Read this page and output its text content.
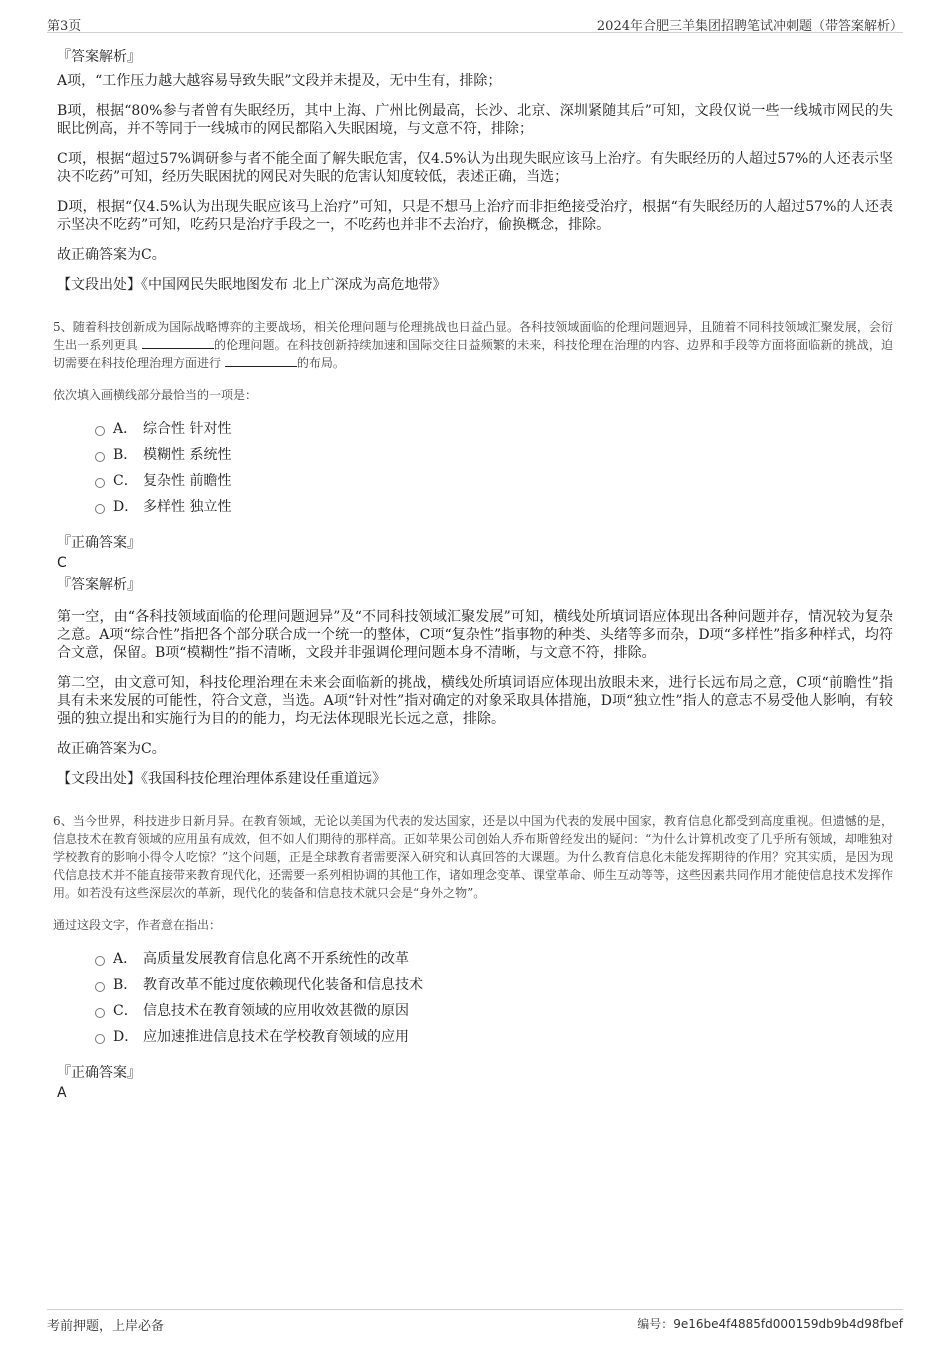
第3页	2024年合肥三羊集团招聘笔试冲刺题（带答案解析）
『答案解析』
A项，“工作压力越大越容易导致失眠”文段并未提及，无中生有，排除；
B项，根据“80%参与者曾有失眠经历，其中上海、广州比例最高，长沙、北京、深圳紧随其后”可知，文段仅说一些一线城市网民的失眠比例高，并不等同于一线城市的网民都陷入失眠困境，与文意不符，排除；
C项，根据“超过57%调研参与者不能全面了解失眠危害，仅4.5%认为出现失眠应该马上治疗。有失眠经历的人超过57%的人还表示坚决不吃药”可知，经历失眠困扰的网民对失眠的危害认知度较低，表述正确，当选；
D项，根据“仅4.5%认为出现失眠应该马上治疗”可知，只是不想马上治疗而非拒绝接受治疗，根据“有失眠经历的人超过57%的人还表示坚决不吃药”可知，吃药只是治疗手段之一，不吃药也并非不去治疗，偷换概念，排除。
故正确答案为C。
【文段出处】《中国网民失眠地图发布 北上广深成为高危地带》
5、随着科技创新成为国际战略博弈的主要战场，相关伦理问题与伦理挑战也日益凸显。各科技领域面临的伦理问题迥异，且随着不同科技领域汇聚发展，会衍生出一系列更具	的伦理问题。在科技创新持续加速和国际交往日益频繁的未来，科技伦理在治理的内容、边界和手段等方面将面临新的挑战，迫切需要在科技伦理治理方面进行	的布局。
依次填入画横线部分最恰当的一项是：
A． 综合性 针对性
B． 模糊性 系统性
C． 复杂性 前瞻性
D． 多样性 独立性
『正确答案』
C
『答案解析』
第一空，由“各科技领域面临的伦理问题迥异”及“不同科技领域汇聚发展”可知，横线处所填词语应体现出各种问题并存，情况较为复杂之意。A项“综合性”指把各个部分联合成一个统一的整体，C项“复杂性”指事物的种类、头绪等多而杂，D项“多样性”指多种样式，均符合文意，保留。B项“模糊性”指不清晰，文段并非强调伦理问题本身不清晰，与文意不符，排除。
第二空，由文意可知，科技伦理治理在未来会面临新的挑战，横线处所填词语应体现出放眼未来，进行长远布局之意，C项“前瞻性”指具有未来发展的可能性，符合文意，当选。A项“针对性”指对确定的对象采取具体措施，D项“独立性”指人的意志不易受他人影响，有较强的独立提出和实施行为目的的能力，均无法体现眼光长远之意，排除。
故正确答案为C。
【文段出处】《我国科技伦理治理体系建设任重道远》
6、当今世界，科技进步日新月异。在教育领域，无论以美国为代表的发达国家，还是以中国为代表的发展中国家，教育信息化都受到高度重视。但遗憾的是，信息技术在教育领域的应用虽有成效，但不如人们期待的那样高。正如苹果公司创始人乔布斯曾经发出的疑问：“为什么计算机改变了几乎所有领域，却唯独对学校教育的影响小得令人吃惊？”这个问题，正是全球教育者需要深入研究和认真回答的大课题。为什么教育信息化未能发挥期待的作用？究其实质，是因为现代信息技术并不能直接带来教育现代化，还需要一系列相协调的其他工作，诸如理念变革、课堂革命、师生互动等等，这些因素共同作用才能使信息技术发挥作用。如若没有这些深层次的革新，现代化的装备和信息技术就只会是“身外之物”。
通过这段文字，作者意在指出：
A． 高质量发展教育信息化离不开系统性的改革
B． 教育改革不能过度依赖现代化装备和信息技术
C． 信息技术在教育领域的应用收效甚微的原因
D． 应加速推进信息技术在学校教育领域的应用
『正确答案』
A
考前押题，上岸必备	编号：9e16be4f4885fd000159db9b4d98fbef
